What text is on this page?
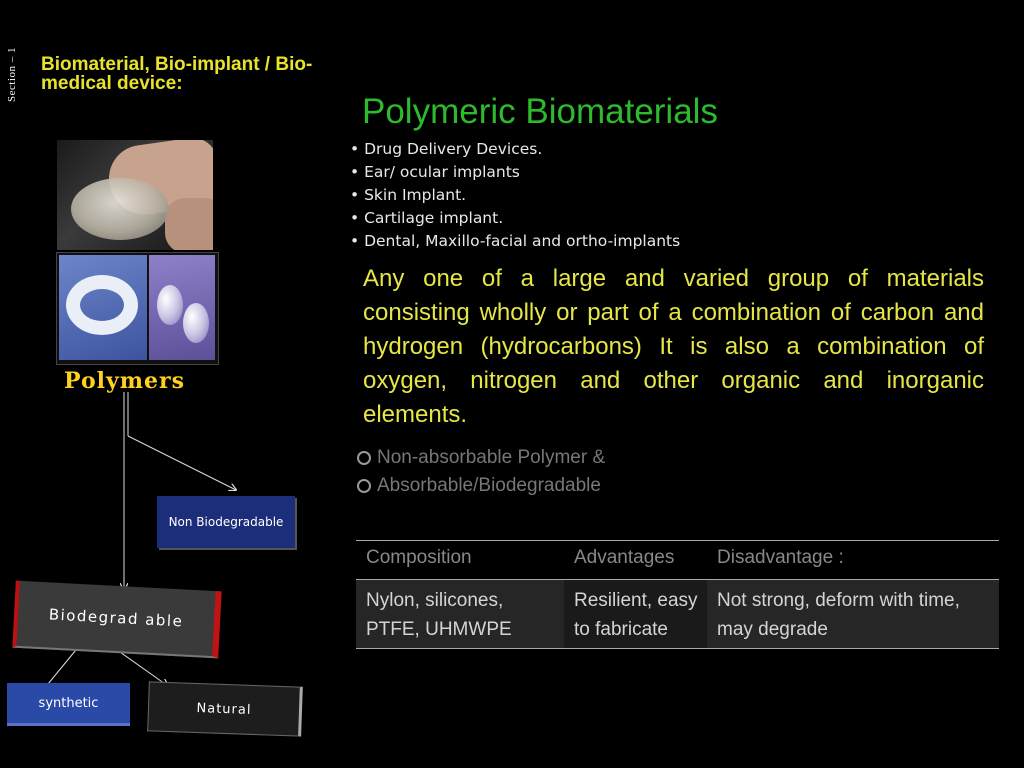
Section – 1	Biomaterial, Bio-implant / Bio-medical device:
Polymers
Non Biodegradable
Biodegrad able
synthetic	Natural
Polymeric Biomaterials
• Drug Delivery Devices.
• Ear/ ocular implants
• Skin Implant.
• Cartilage implant.
• Dental, Maxillo-facial and ortho-implants
Any one of a large and varied group of materials consisting wholly or part of a combination of carbon and hydrogen (hydrocarbons) It is also a combination of oxygen, nitrogen and other organic and inorganic elements.
Non-absorbable Polymer &
Absorbable/Biodegradable
Composition	Advantages	Disadvantage :
Nylon, silicones, PTFE, UHMWPE	Resilient, easy to fabricate	Not strong, deform with time, may degrade
